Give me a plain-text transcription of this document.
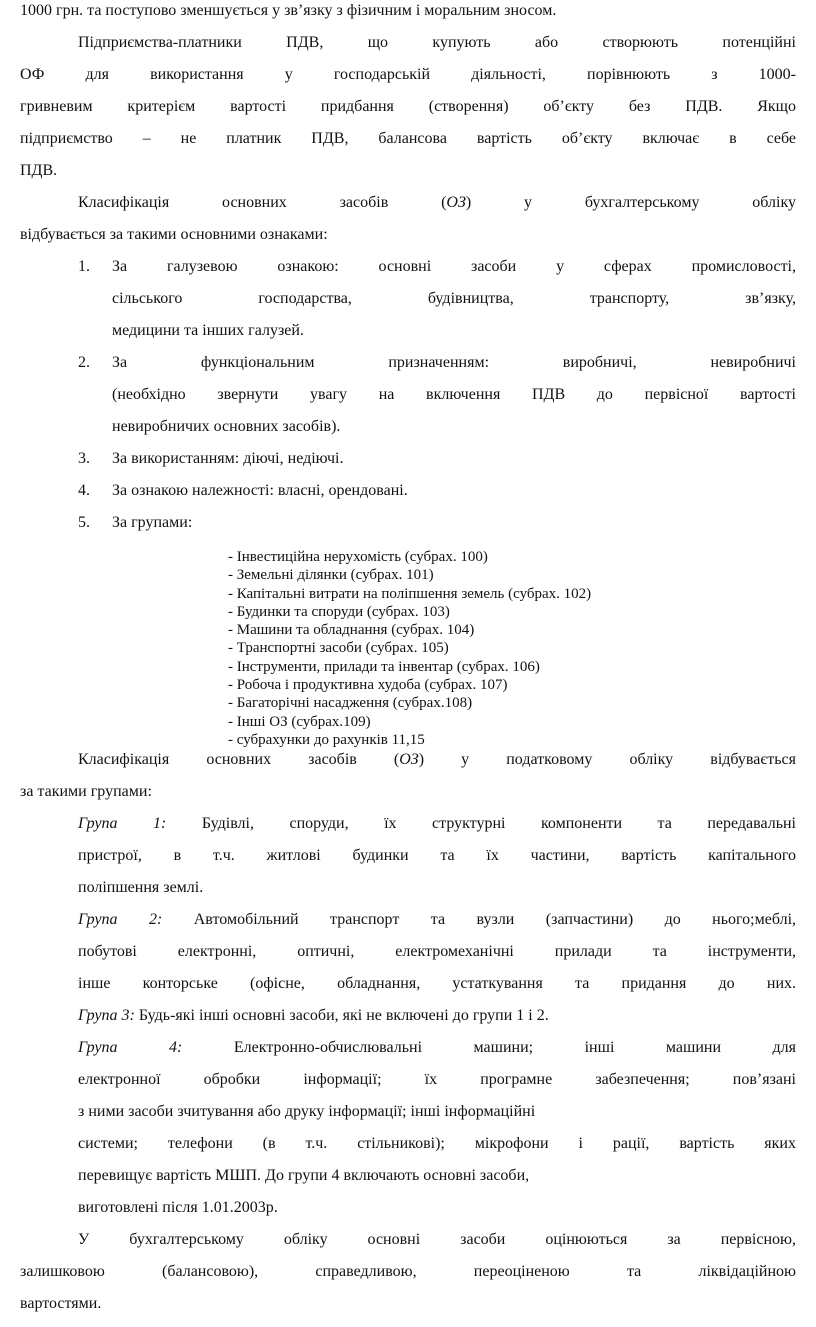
1000 грн. та поступово зменшується у зв’язку з фізичним і моральним зносом.
Підприємства-платники ПДВ, що купують або створюють потенційні
ОФ для використання у господарській діяльності, порівнюють з 1000-
гривневим критерієм вартості придбання (створення) об’єкту без ПДВ. Якщо
підприємство – не платник ПДВ, балансова вартість об’єкту включає в себе
ПДВ.
Класифікація основних засобів (ОЗ) у бухгалтерському обліку
відбувається за такими основними ознаками:
1. За галузевою ознакою: основні засоби у сферах промисловості,
сільського господарства, будівництва, транспорту, зв’язку,
медицини та інших галузей.
2. За функціональним призначенням: виробничі, невиробничі
(необхідно звернути увагу на включення ПДВ до первісної вартості
невиробничих основних засобів).
3. За використанням: діючі, недіючі.
4. За ознакою належності: власні, орендовані.
5. За групами:
- Інвестиційна нерухомість (субрах. 100)
- Земельні ділянки (субрах. 101)
- Капітальні витрати на поліпшення земель (субрах. 102)
- Будинки та споруди (субрах. 103)
- Машини та обладнання (субрах. 104)
- Транспортні засоби (субрах. 105)
- Інструменти, прилади та інвентар (субрах. 106)
- Робоча і продуктивна худоба (субрах. 107)
- Багаторічні насадження (субрах.108)
- Інші ОЗ (субрах.109)
- субрахунки до рахунків 11,15
Класифікація основних засобів (ОЗ) у податковому обліку відбувається
за такими групами:
Група 1: Будівлі, споруди, їх структурні компоненти та передавальні
пристрої, в т.ч. житлові будинки та їх частини, вартість капітального
поліпшення землі.
Група 2: Автомобільний транспорт та вузли (запчастини) до нього;меблі,
побутові електронні, оптичні, електромеханічні прилади та інструменти,
інше конторське (офісне, обладнання, устаткування та придання до них.
Група 3: Будь-які інші основні засоби, які не включені до групи 1 і 2.
Група 4:	Електронно-обчислювальні машини; інші машини для
електронної обробки інформації; їх програмне забезпечення; пов’язані
з ними засоби зчитування або друку інформації; інші інформаційні
системи; телефони (в т.ч. стільникові); мікрофони і рації, вартість яких
перевищує вартість МШП. До групи 4 включають основні засоби,
виготовлені після 1.01.2003р.
У бухгалтерському обліку основні засоби оцінюються за первісною,
залишковою (балансовою), справедливою, переоціненою та ліквідаційною
вартостями.
